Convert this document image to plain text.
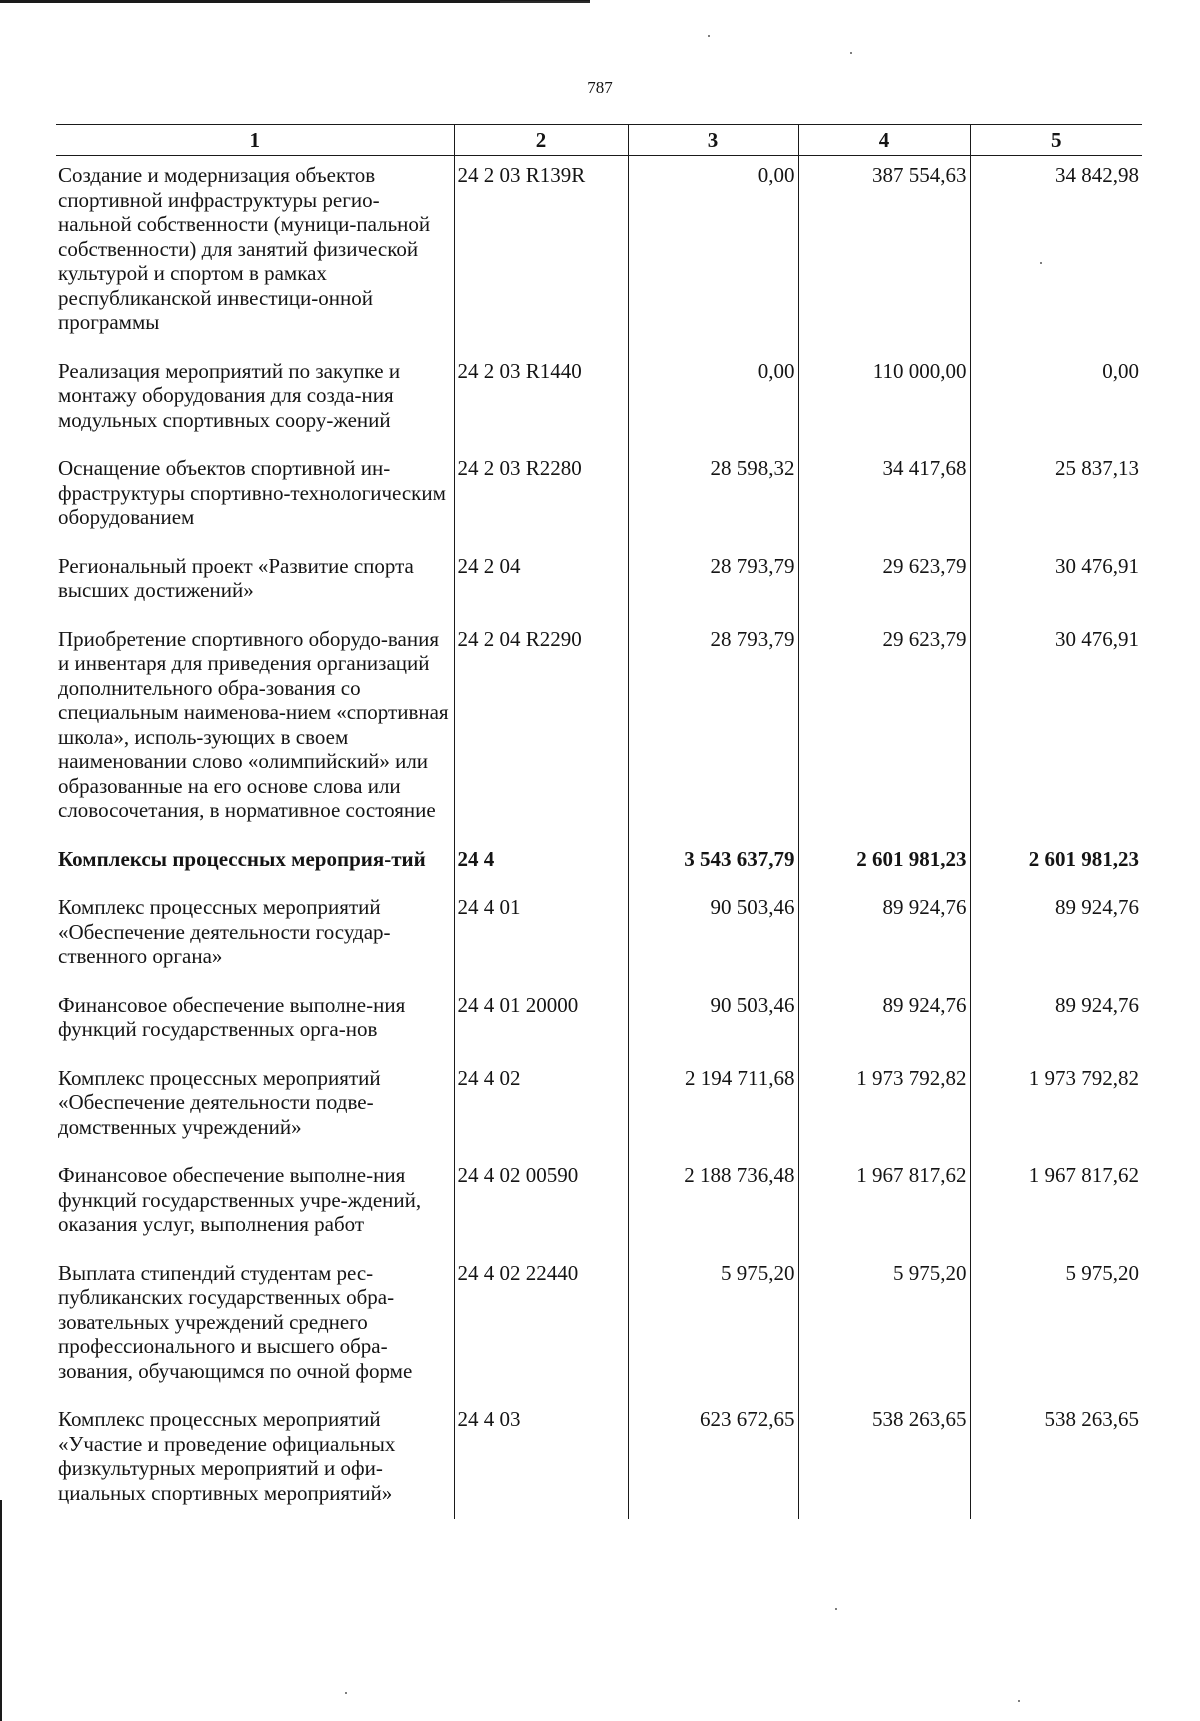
787
1	2	3	4	5
Создание и модернизация объектов спортивной инфраструктуры регио-нальной собственности (муници-пальной собственности) для занятий физической культурой и спортом в рамках республиканской инвестици-онной программы	24 2 03 R139R	0,00	387 554,63	34 842,98
Реализация мероприятий по закупке и монтажу оборудования для созда-ния модульных спортивных соору-жений	24 2 03 R1440	0,00	110 000,00	0,00
Оснащение объектов спортивной ин-фраструктуры спортивно-технологическим оборудованием	24 2 03 R2280	28 598,32	34 417,68	25 837,13
Региональный проект «Развитие спорта высших достижений»	24 2 04	28 793,79	29 623,79	30 476,91
Приобретение спортивного оборудо-вания и инвентаря для приведения организаций дополнительного обра-зования со специальным наименова-нием «спортивная школа», исполь-зующих в своем наименовании слово «олимпийский» или образованные на его основе слова или словосочетания, в нормативное состояние	24 2 04 R2290	28 793,79	29 623,79	30 476,91
Комплексы процессных мероприя-тий	24 4	3 543 637,79	2 601 981,23	2 601 981,23
Комплекс процессных мероприятий «Обеспечение деятельности государ-ственного органа»	24 4 01	90 503,46	89 924,76	89 924,76
Финансовое обеспечение выполне-ния функций государственных орга-нов	24 4 01 20000	90 503,46	89 924,76	89 924,76
Комплекс процессных мероприятий «Обеспечение деятельности подве-домственных учреждений»	24 4 02	2 194 711,68	1 973 792,82	1 973 792,82
Финансовое обеспечение выполне-ния функций государственных учре-ждений, оказания услуг, выполнения работ	24 4 02 00590	2 188 736,48	1 967 817,62	1 967 817,62
Выплата стипендий студентам рес-публиканских государственных обра-зовательных учреждений среднего профессионального и высшего обра-зования, обучающимся по очной форме	24 4 02 22440	5 975,20	5 975,20	5 975,20
Комплекс процессных мероприятий «Участие и проведение официальных физкультурных мероприятий и офи-циальных спортивных мероприятий»	24 4 03	623 672,65	538 263,65	538 263,65
